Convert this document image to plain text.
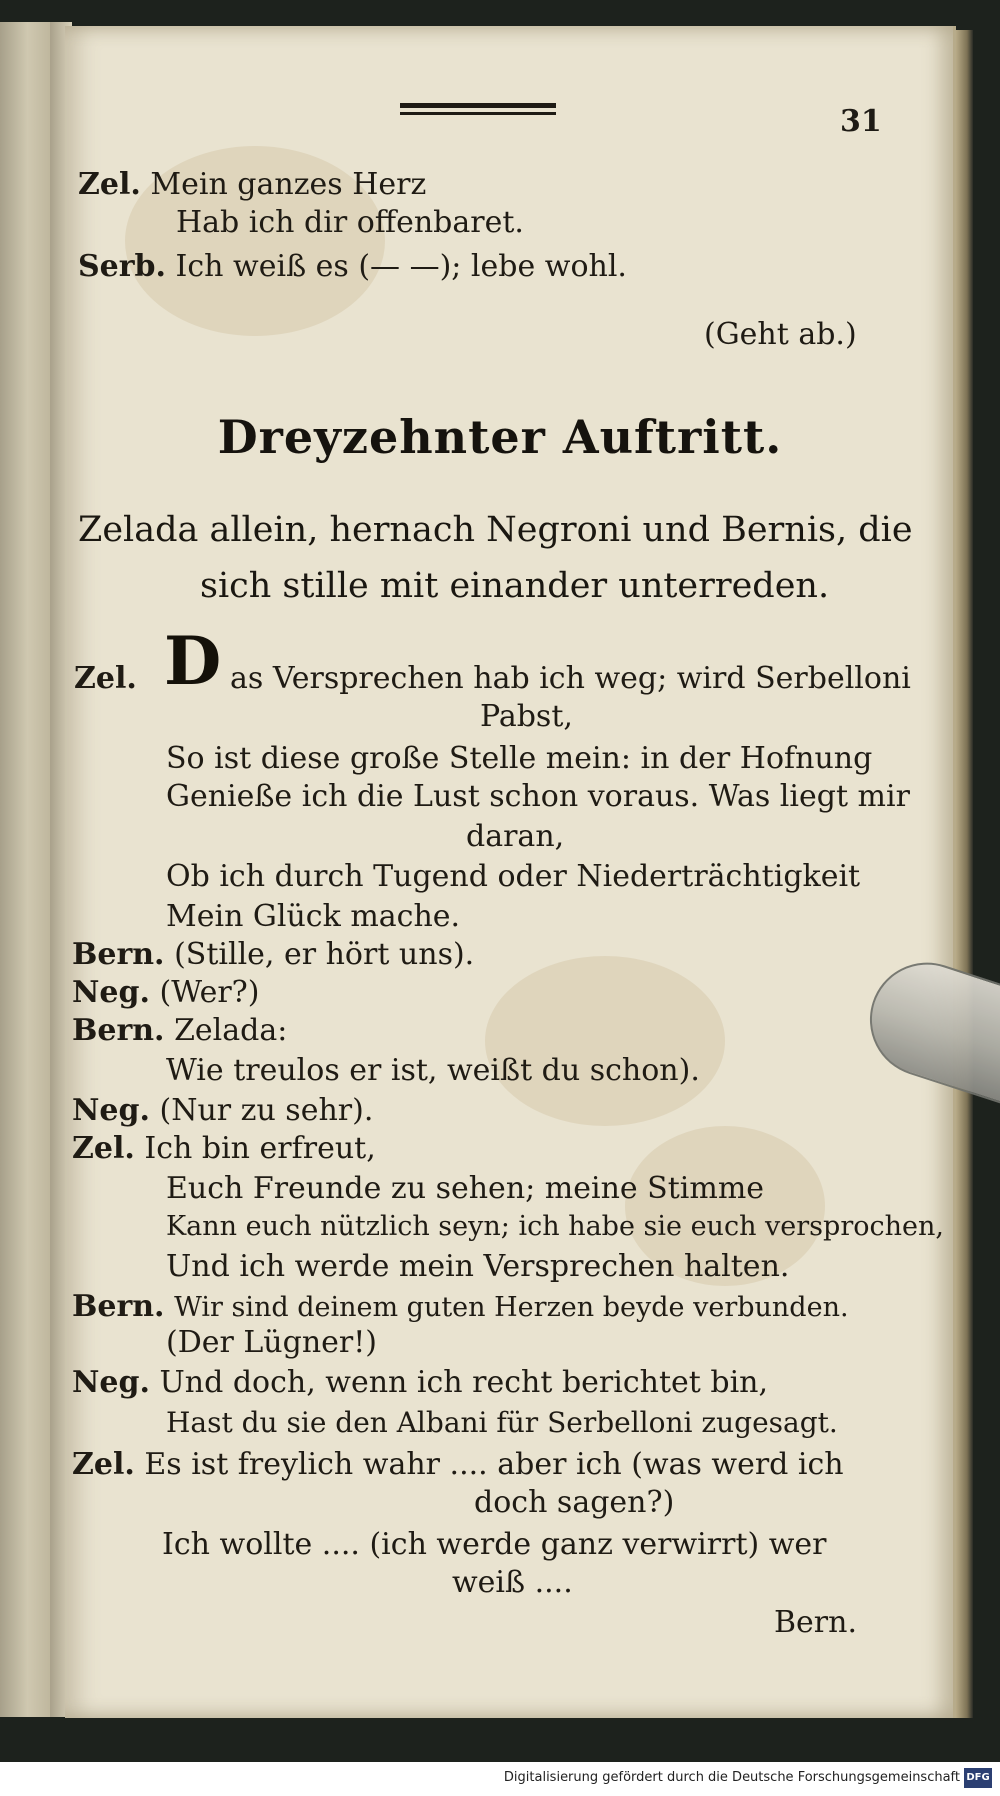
31
Zel. Mein ganzes Herz
Hab ich dir offenbaret.
Serb. Ich weiß es (— —); lebe wohl.
(Geht ab.)
Dreyzehnter Auftritt.
Zelada allein, hernach Negroni und Bernis, die
sich stille mit einander unterreden.
D
Zel.	as Versprechen hab ich weg; wird Serbelloni
Pabst,
So ist diese große Stelle mein: in der Hofnung
Genieße ich die Lust schon voraus. Was liegt mir
daran,
Ob ich durch Tugend oder Niederträchtigkeit
Mein Glück mache.
Bern. (Stille, er hört uns).
Neg. (Wer?)
Bern. Zelada:
Wie treulos er ist, weißt du schon).
Neg. (Nur zu sehr).
Zel. Ich bin erfreut,
Euch Freunde zu sehen; meine Stimme
Kann euch nützlich seyn; ich habe sie euch versprochen,
Und ich werde mein Versprechen halten.
Bern. Wir sind deinem guten Herzen beyde verbunden.
(Der Lügner!)
Neg. Und doch, wenn ich recht berichtet bin,
Hast du sie den Albani für Serbelloni zugesagt.
Zel. Es ist freylich wahr .... aber ich (was werd ich
doch sagen?)
Ich wollte .... (ich werde ganz verwirrt) wer
weiß ....
Bern.
Digitalisierung gefördert durch die Deutsche Forschungsgemeinschaft DFG
